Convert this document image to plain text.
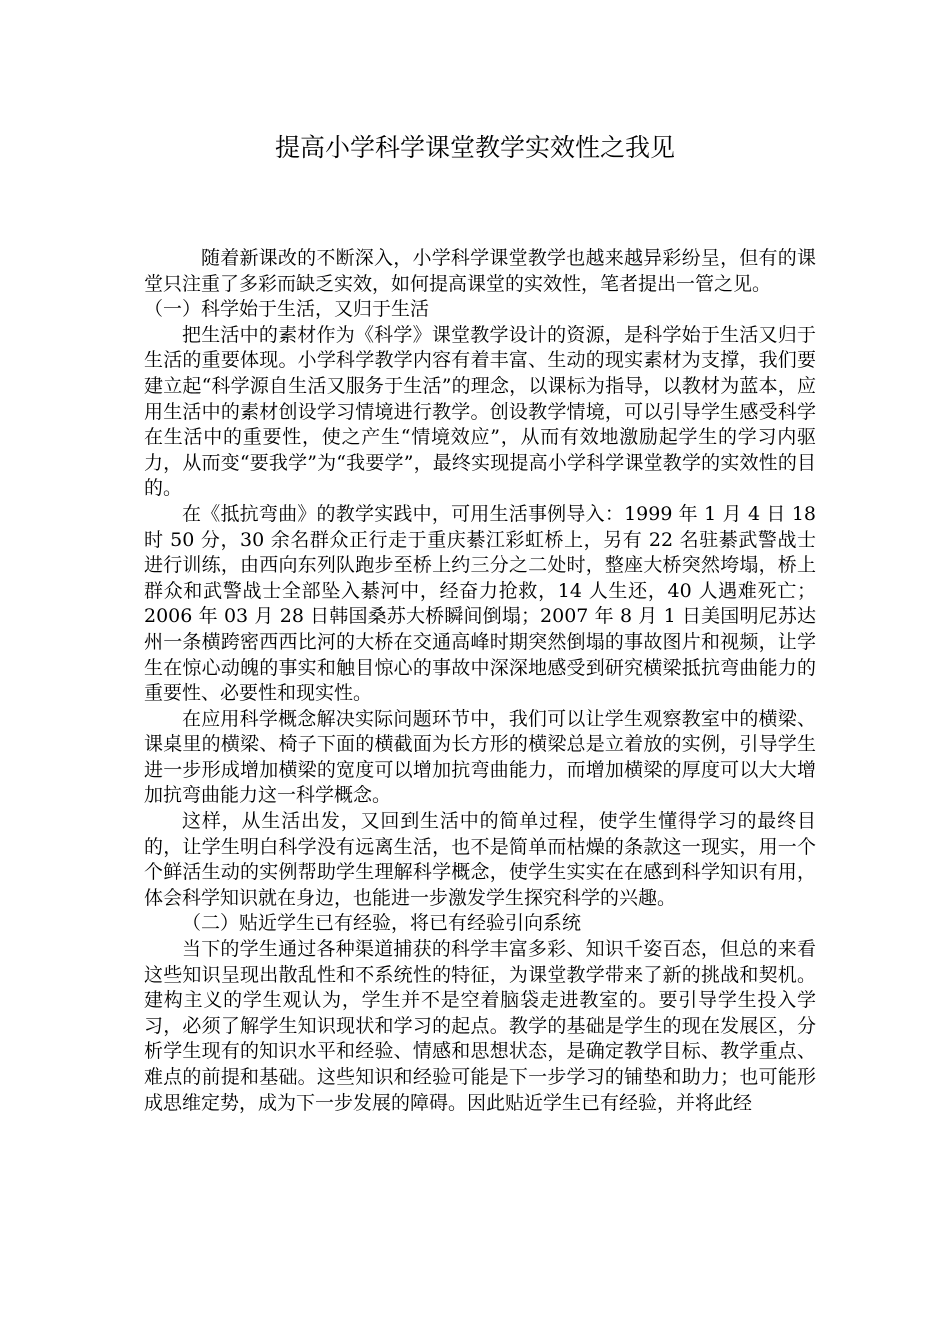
提高小学科学课堂教学实效性之我见

随着新课改的不断深入，小学科学课堂教学也越来越异彩纷呈，但有的课堂只注重了多彩而缺乏实效，如何提高课堂的实效性，笔者提出一管之见。

（一）科学始于生活，又归于生活

把生活中的素材作为《科学》课堂教学设计的资源，是科学始于生活又归于生活的重要体现。小学科学教学内容有着丰富、生动的现实素材为支撑，我们要建立起“科学源自生活又服务于生活”的理念，以课标为指导，以教材为蓝本，应用生活中的素材创设学习情境进行教学。创设教学情境，可以引导学生感受科学在生活中的重要性，使之产生“情境效应”，从而有效地激励起学生的学习内驱力，从而变“要我学”为“我要学”，最终实现提高小学科学课堂教学的实效性的目的。

在《抵抗弯曲》的教学实践中，可用生活事例导入：1999 年 1 月 4 日 18 时 50 分，30 余名群众正行走于重庆綦江彩虹桥上，另有 22 名驻綦武警战士进行训练，由西向东列队跑步至桥上约三分之二处时，整座大桥突然垮塌，桥上群众和武警战士全部坠入綦河中，经奋力抢救，14 人生还，40 人遇难死亡；2006 年 03 月 28 日韩国桑苏大桥瞬间倒塌；2007 年 8 月 1 日美国明尼苏达州一条横跨密西西比河的大桥在交通高峰时期突然倒塌的事故图片和视频，让学生在惊心动魄的事实和触目惊心的事故中深深地感受到研究横梁抵抗弯曲能力的重要性、必要性和现实性。

在应用科学概念解决实际问题环节中，我们可以让学生观察教室中的横梁、课桌里的横梁、椅子下面的横截面为长方形的横梁总是立着放的实例，引导学生进一步形成增加横梁的宽度可以增加抗弯曲能力，而增加横梁的厚度可以大大增加抗弯曲能力这一科学概念。

这样，从生活出发，又回到生活中的简单过程，使学生懂得学习的最终目的，让学生明白科学没有远离生活，也不是简单而枯燥的条款这一现实，用一个个鲜活生动的实例帮助学生理解科学概念，使学生实实在在感到科学知识有用，体会科学知识就在身边，也能进一步激发学生探究科学的兴趣。

（二）贴近学生已有经验，将已有经验引向系统

当下的学生通过各种渠道捕获的科学丰富多彩、知识千姿百态，但总的来看这些知识呈现出散乱性和不系统性的特征，为课堂教学带来了新的挑战和契机。建构主义的学生观认为，学生并不是空着脑袋走进教室的。要引导学生投入学习，必须了解学生知识现状和学习的起点。教学的基础是学生的现在发展区，分析学生现有的知识水平和经验、情感和思想状态，是确定教学目标、教学重点、难点的前提和基础。这些知识和经验可能是下一步学习的铺垫和助力；也可能形成思维定势，成为下一步发展的障碍。因此贴近学生已有经验，并将此经
